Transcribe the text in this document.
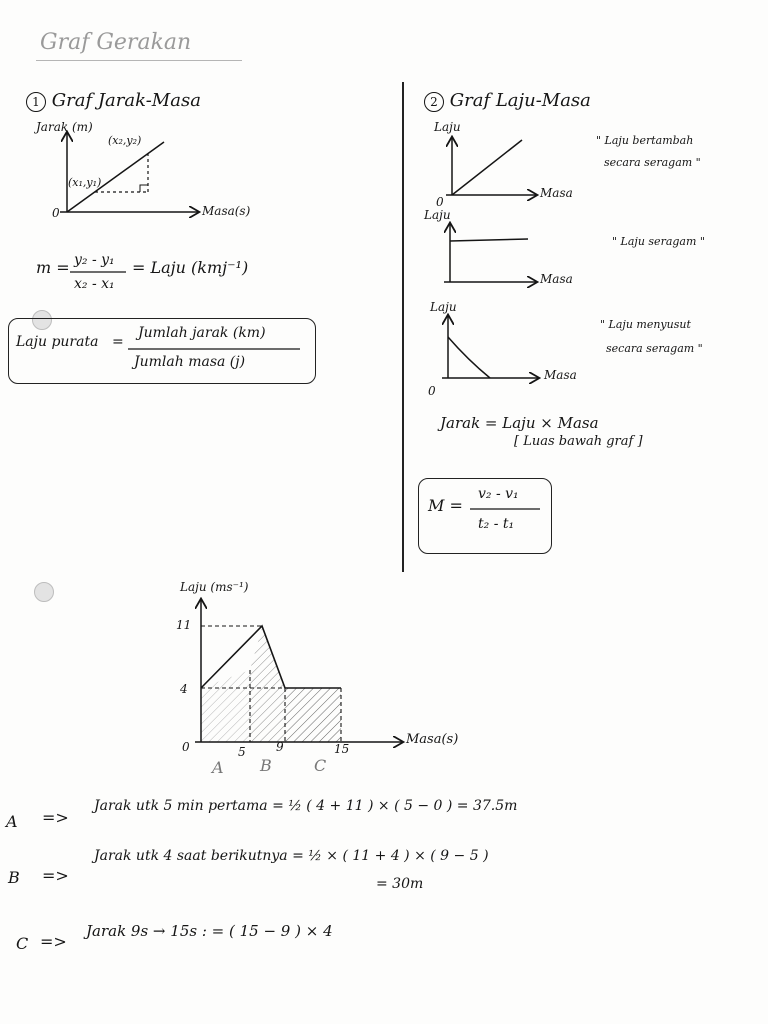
Graf Gerakan
1 Graf Jarak-Masa	2 Graf Laju-Masa
Jarak (m)
(x₂,y₂)
(x₁,y₁)
0	Masa(s)
m = y₂ - y₁
x₂ - x₁
= Laju (kmj⁻¹)
Laju purata =
Jumlah jarak (km)
Jumlah masa (j)
Laju
0
Masa
" Laju bertambah
secara seragam "
Laju
Masa
" Laju seragam "
Laju
0
Masa
" Laju menyusut
secara seragam "
Jarak = Laju × Masa
[ Luas bawah graf ]
M =
v₂ - v₁
t₂ - t₁
Laju (ms⁻¹)
11
4
0	5	9	15
Masa(s)
A B	C
A =>
Jarak utk 5 min pertama = ½ ( 4 + 11 ) × ( 5 − 0 ) = 37.5m
B =>
Jarak utk 4 saat berikutnya = ½ × ( 11 + 4 ) × ( 9 − 5 )
= 30m
C =>
Jarak 9s → 15s : = ( 15 − 9 ) × 4
